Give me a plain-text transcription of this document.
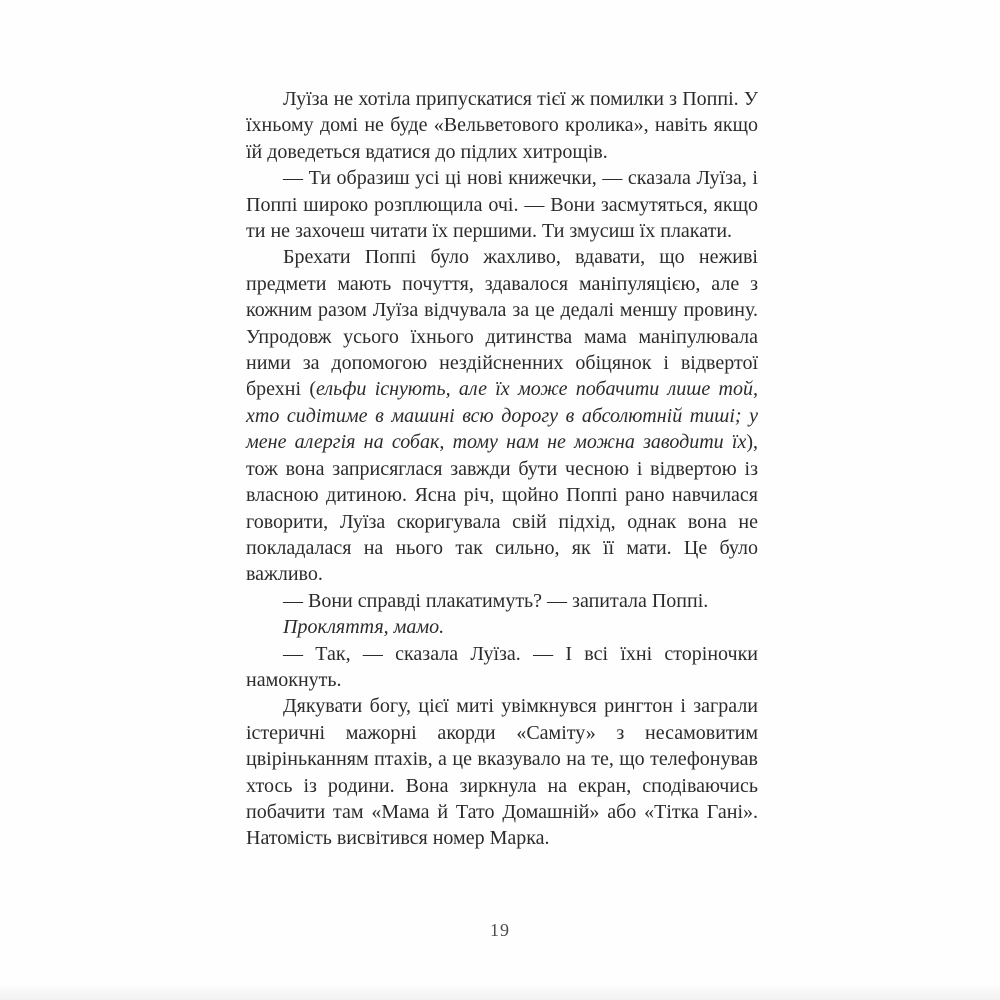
Луїза не хотіла припускатися тієї ж помилки з Поппі. У їхньому домі не буде «Вельветового кролика», навіть якщо їй доведеться вдатися до підлих хитрощів.

— Ти образиш усі ці нові книжечки, — сказала Луїза, і Поппі широко розплющила очі. — Вони засмутяться, якщо ти не захочеш читати їх першими. Ти змусиш їх плакати.

Брехати Поппі було жахливо, вдавати, що неживі предмети мають почуття, здавалося маніпуляцією, але з кожним разом Луїза відчувала за це дедалі меншу провину. Упродовж усього їхнього дитинства мама маніпулювала ними за допомогою нездійсненних обіцянок і відвертої брехні (ельфи існують, але їх може побачити лише той, хто сидітиме в машині всю дорогу в абсолютній тиші; у мене алергія на собак, тому нам не можна заводити їх), тож вона заприсяглася завжди бути чесною і відвертою із власною дитиною. Ясна річ, щойно Поппі рано навчилася говорити, Луїза скоригувала свій підхід, однак вона не покладалася на нього так сильно, як її мати. Це було важливо.

— Вони справді плакатимуть? — запитала Поппі.

Прокляття, мамо.

— Так, — сказала Луїза. — І всі їхні сторіночки намокнуть.

Дякувати богу, цієї миті увімкнувся рингтон і заграли істеричні мажорні акорди «Саміту» з несамовитим цвіріньканням птахів, а це вказувало на те, що телефонував хтось із родини. Вона зиркнула на екран, сподіваючись побачити там «Мама й Тато Домашній» або «Тітка Гані». Натомість висвітився номер Марка.

19
